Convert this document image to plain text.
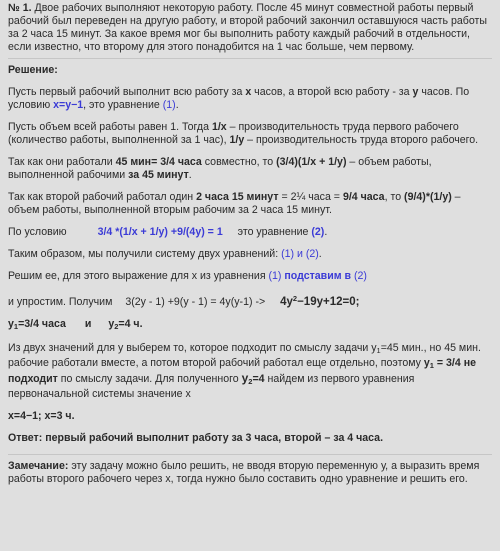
№ 1. Двое рабочих выполняют некоторую работу. После 45 минут совместной работы первый рабочий был переведен на другую работу, и второй рабочий закончил оставшуюся часть работы за 2 часа 15 минут. За какое время мог бы выполнить работу каждый рабочий в отдельности, если известно, что второму для этого понадобится на 1 час больше, чем первому.

Решение:

Пусть первый рабочий выполнит всю работу за х часов, а второй всю работу - за у часов. По условию х=у−1, это уравнение (1).

Пусть объем всей работы равен 1. Тогда 1/х – производительность труда первого рабочего (количество работы, выполненной за 1 час), 1/у – производительность труда второго рабочего.

Так как они работали 45 мин= 3/4 часа совместно, то (3/4)(1/х + 1/у) – объем работы, выполненной рабочими за 45 минут.

Так как второй рабочий работал один 2 часа 15 минут = 2¼ часа = 9/4 часа, то (9/4)*(1/у) – объем работы, выполненной вторым рабочим за 2 часа 15 минут.

По условию	3/4 *(1/х + 1/у) +9/(4у) = 1 это уравнение (2).

Таким образом, мы получили систему двух уравнений: (1) и (2).

Решим ее, для этого выражение для х из уравнения (1) подставим в (2)

и упростим. Получим $3(2у - 1) +9(у - 1) = 4у(у-1) -> 4у^2-19у+12=0$;

$у_1=3/4$ часа и $у_2=4$ ч.

Из двух значений для у выберем то, которое подходит по смыслу задачи $у_1=45$ мин., но 45 мин. рабочие работали вместе, а потом второй рабочий работал еще отдельно, поэтому $у_1 = 3/4$ не подходит по смыслу задачи. Для полученного $у_2=4$ найдем из первого уравнения первоначальной системы значение х

х=4−1; х=3 ч.

Ответ: первый рабочий выполнит работу за 3 часа, второй – за 4 часа.

Замечание: эту задачу можно было решить, не вводя вторую переменную у, а выразить время работы второго рабочего через х, тогда нужно было составить одно уравнение и решить его.
